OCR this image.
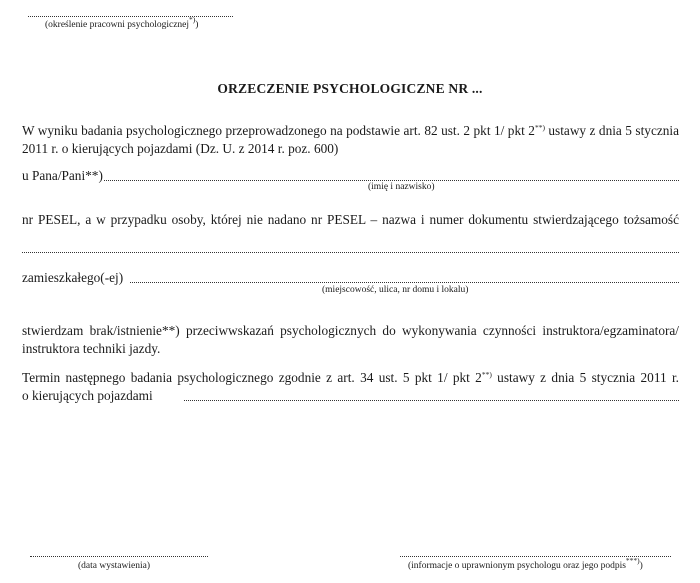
(określenie pracowni psychologicznej*))
ORZECZENIE PSYCHOLOGICZNE NR ...
W wyniku badania psychologicznego przeprowadzonego na podstawie art. 82 ust. 2 pkt 1/ pkt 2**) ustawy z dnia 5 stycznia
2011 r. o kierujących pojazdami (Dz. U. z 2014 r. poz. 600)
u Pana/Pani**)
(imię i nazwisko)
nr PESEL, a w przypadku osoby, której nie nadano nr PESEL – nazwa i numer dokumentu stwierdzającego tożsamość
zamieszkałego(-ej)
(miejscowość, ulica, nr domu i lokalu)
stwierdzam brak/istnienie**) przeciwwskazań psychologicznych do wykonywania czynności instruktora/egzaminatora/
instruktora techniki jazdy.
Termin następnego badania psychologicznego zgodnie z art. 34 ust. 5 pkt 1/ pkt 2**) ustawy z dnia 5 stycznia 2011 r.
o kierujących pojazdami
(data wystawienia)	(informacje o uprawnionym psychologu oraz jego podpis***))
